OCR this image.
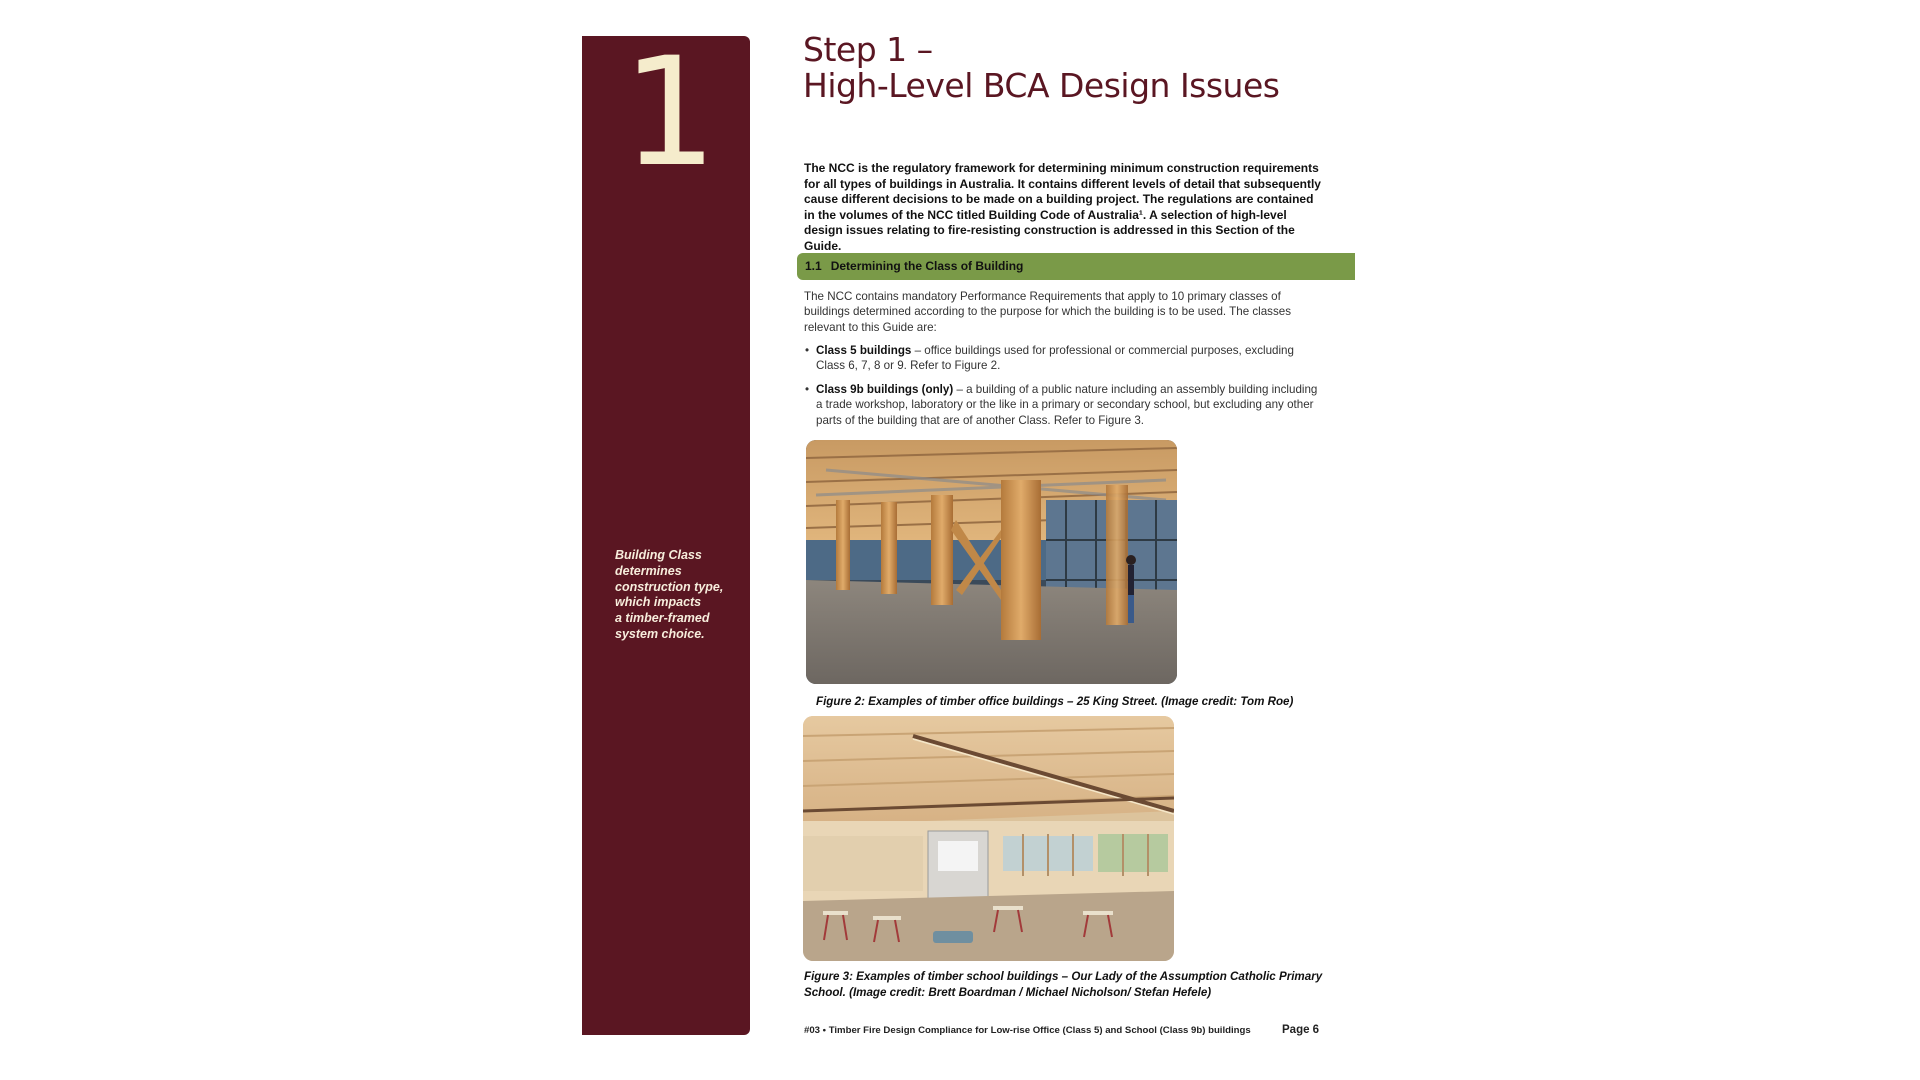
1
Building Class
determines
construction type,
which impacts
a timber-framed
system choice.
Step 1 –
High-Level BCA Design Issues

The NCC is the regulatory framework for determining minimum construction requirements for all types of buildings in Australia. It contains different levels of detail that subsequently cause different decisions to be made on a building project. The regulations are contained in the volumes of the NCC titled Building Code of Australia¹. A selection of high-level design issues relating to fire-resisting construction is addressed in this Section of the Guide.

1.1 Determining the Class of Building

The NCC contains mandatory Performance Requirements that apply to 10 primary classes of buildings determined according to the purpose for which the building is to be used. The classes relevant to this Guide are:

• Class 5 buildings – office buildings used for professional or commercial purposes, excluding Class 6, 7, 8 or 9. Refer to Figure 2.
• Class 9b buildings (only) – a building of a public nature including an assembly building including a trade workshop, laboratory or the like in a primary or secondary school, but excluding any other parts of the building that are of another Class. Refer to Figure 3.
Figure 2: Examples of timber office buildings – 25 King Street. (Image credit: Tom Roe)
Figure 3: Examples of timber school buildings – Our Lady of the Assumption Catholic Primary
School. (Image credit: Brett Boardman / Michael Nicholson/ Stefan Hefele)
#03 • Timber Fire Design Compliance for Low-rise Office (Class 5) and School (Class 9b) buildings	Page 6
